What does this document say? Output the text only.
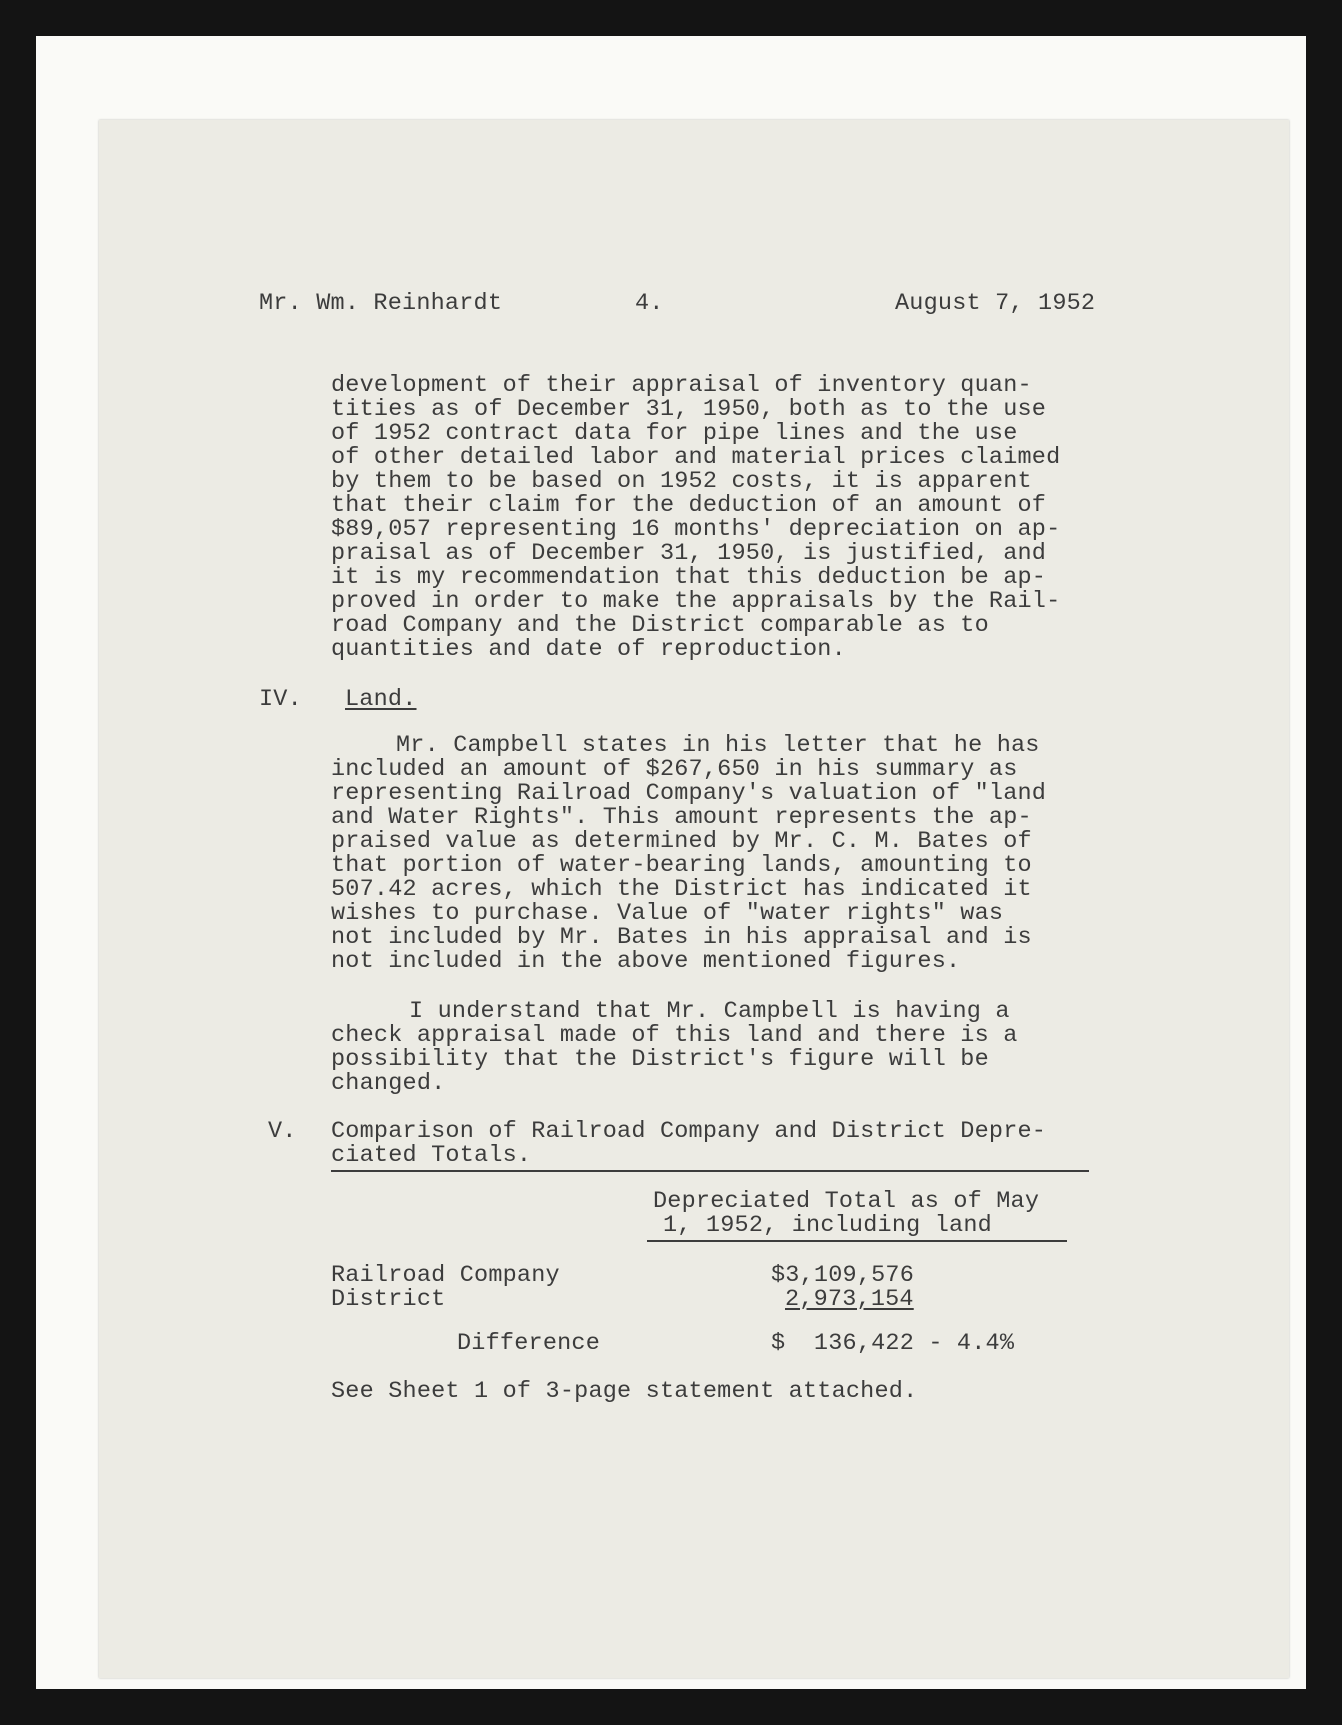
Mr. Wm. Reinhardt	4.	August 7, 1952
development of their appraisal of inventory quan-
tities as of December 31, 1950, both as to the use
of 1952 contract data for pipe lines and the use
of other detailed labor and material prices claimed
by them to be based on 1952 costs, it is apparent
that their claim for the deduction of an amount of
$89,057 representing 16 months' depreciation on ap-
praisal as of December 31, 1950, is justified, and
it is my recommendation that this deduction be ap-
proved in order to make the appraisals by the Rail-
road Company and the District comparable as to
quantities and date of reproduction.
IV. Land.
Mr. Campbell states in his letter that he has
included an amount of $267,650 in his summary as
representing Railroad Company's valuation of "land
and Water Rights". This amount represents the ap-
praised value as determined by Mr. C. M. Bates of
that portion of water-bearing lands, amounting to
507.42 acres, which the District has indicated it
wishes to purchase. Value of "water rights" was
not included by Mr. Bates in his appraisal and is
not included in the above mentioned figures.
I understand that Mr. Campbell is having a
check appraisal made of this land and there is a
possibility that the District's figure will be
changed.
V. Comparison of Railroad Company and District Depre-
ciated Totals.
Depreciated Total as of May
1, 1952, including land
Railroad Company	$3,109,576
District	2,973,154
Difference	$  136,422 - 4.4%
See Sheet 1 of 3-page statement attached.
